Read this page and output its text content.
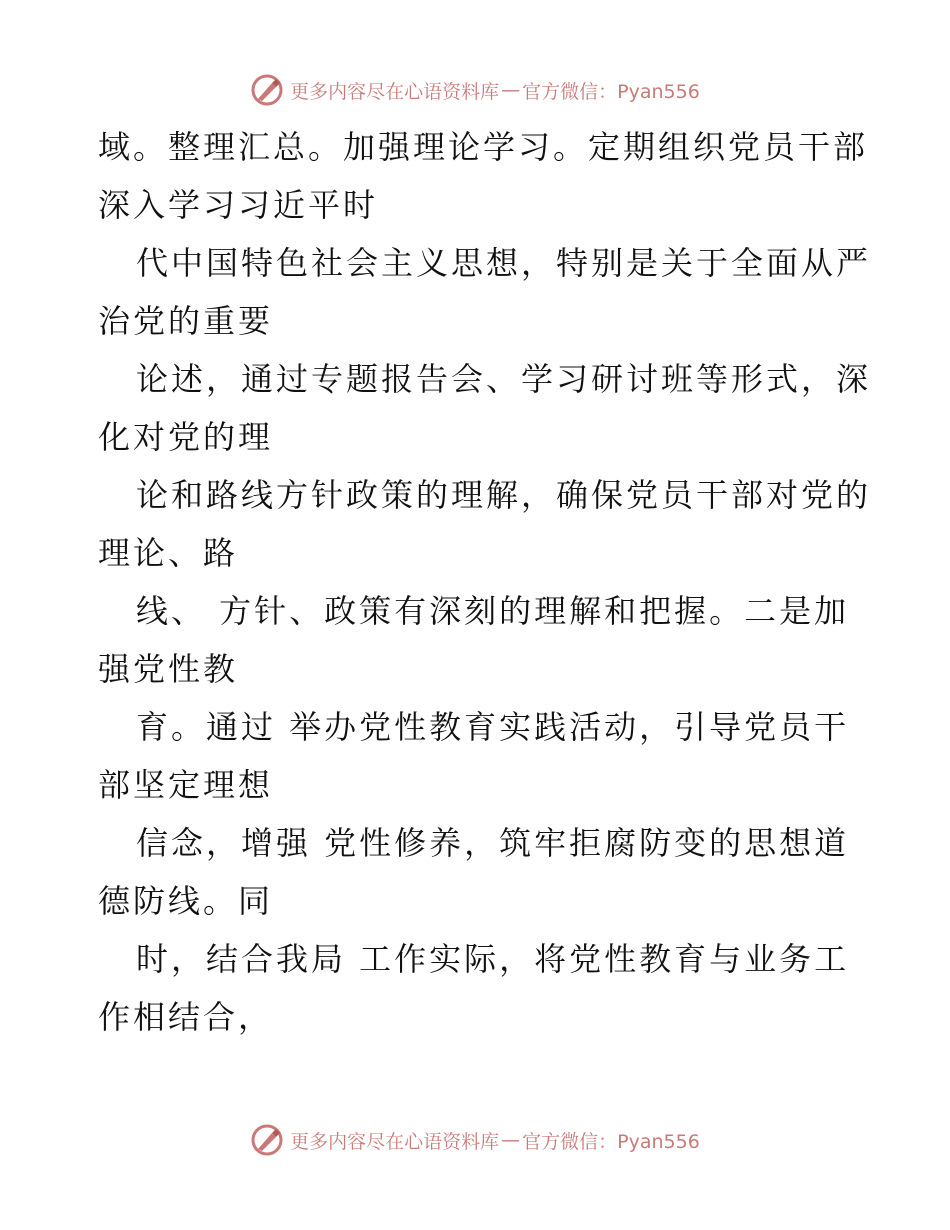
更多内容尽在心语资料库 — 官方微信：Pyan556
域。整理汇总。加强理论学习。定期组织党员干部
深入学习习近平时
代中国特色社会主义思想，特别是关于全面从严
治党的重要
论述，通过专题报告会、学习研讨班等形式，深
化对党的理
论和路线方针政策的理解，确保党员干部对党的
理论、路
线、 方针、政策有深刻的理解和把握。二是加
强党性教
育。通过 举办党性教育实践活动，引导党员干
部坚定理想
信念，增强 党性修养，筑牢拒腐防变的思想道
德防线。同
时，结合我局 工作实际，将党性教育与业务工
作相结合，
更多内容尽在心语资料库 — 官方微信：Pyan556
